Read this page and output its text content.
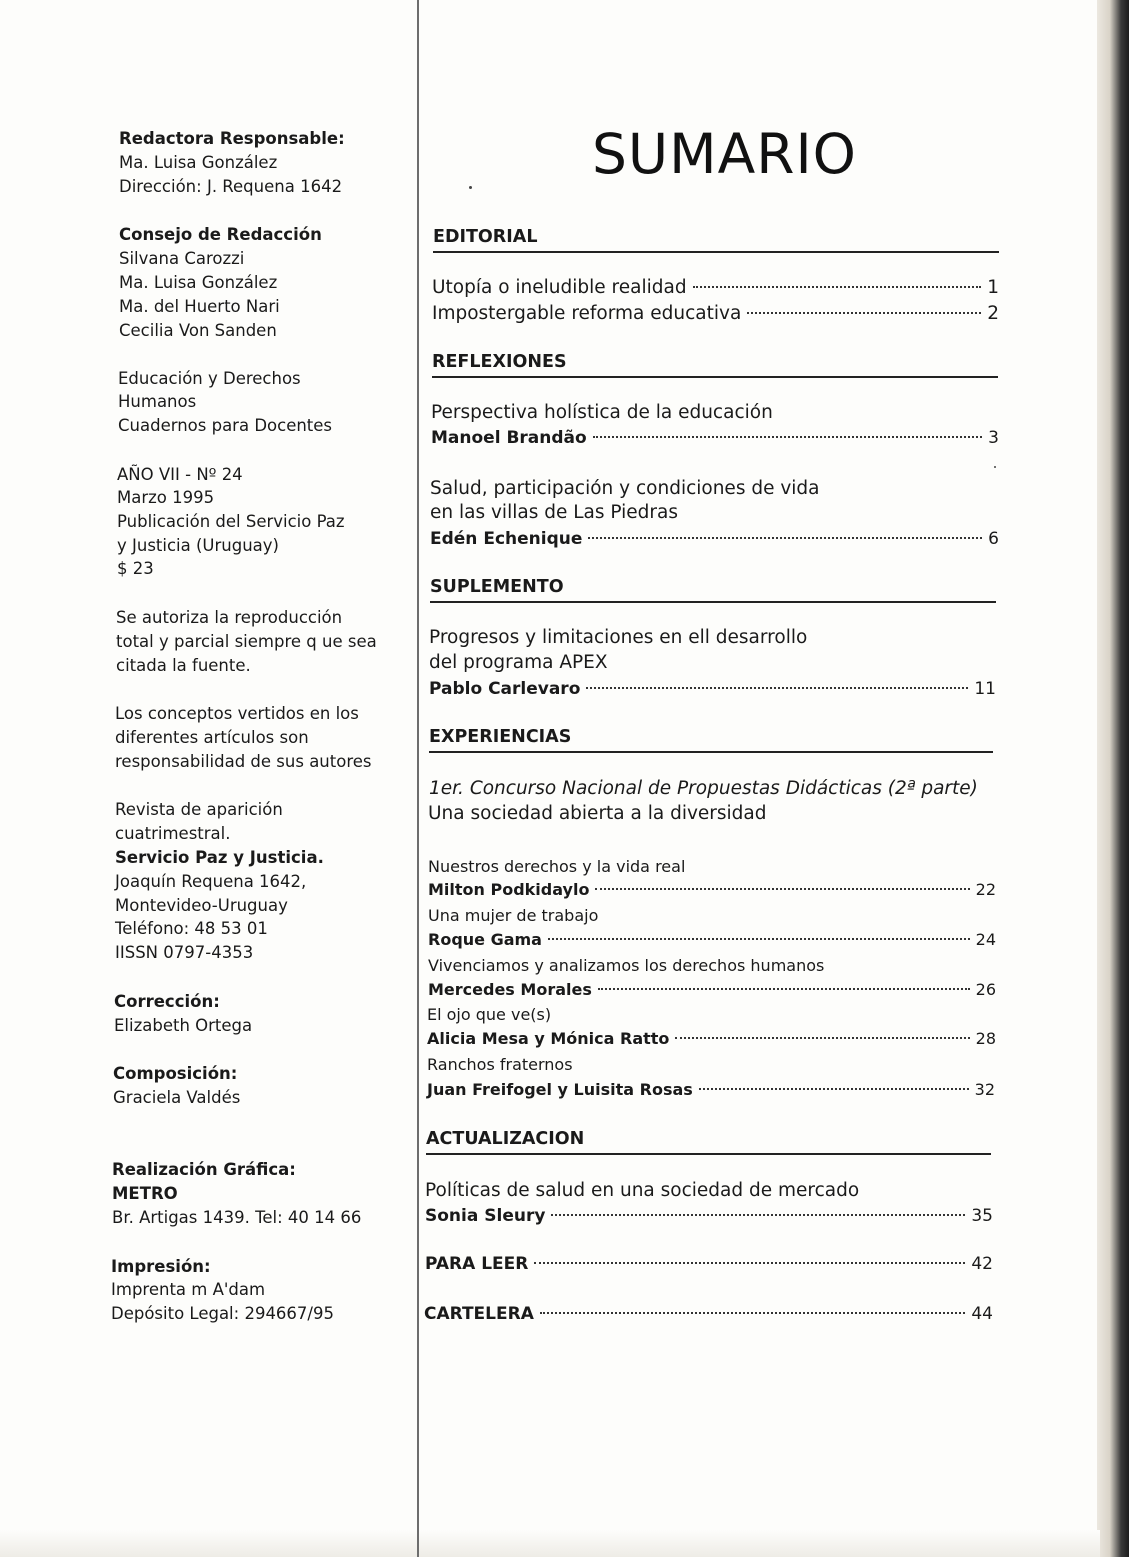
Redactora Responsable:
Ma. Luisa González
Dirección: J. Requena 1642
Consejo de Redacción
Silvana Carozzi
Ma. Luisa González
Ma. del Huerto Nari
Cecilia Von Sanden
Educación y Derechos
Humanos
Cuadernos para Docentes
AÑO VII - Nº 24
Marzo 1995
Publicación del Servicio Paz
y Justicia (Uruguay)
$ 23
Se autoriza la reproducción
total y parcial siempre q ue sea
citada la fuente.
Los conceptos vertidos en los
diferentes artículos son
responsabilidad de sus autores
Revista de aparición
cuatrimestral.
Servicio Paz y Justicia.
Joaquín Requena 1642,
Montevideo-Uruguay
Teléfono: 48 53 01
IISSN 0797-4353
Corrección:
Elizabeth Ortega
Composición:
Graciela Valdés
Realización Gráfica:
METRO
Br. Artigas 1439. Tel: 40 14 66
Impresión:
Imprenta m A'dam
Depósito Legal: 294667/95
SUMARIO
EDITORIAL
Utopía o ineludible realidad	1
Impostergable reforma educativa	2
REFLEXIONES
Perspectiva holística de la educación
Manoel Brandão	3
Salud, participación y condiciones de vida
en las villas de Las Piedras
Edén Echenique	6
SUPLEMENTO
Progresos y limitaciones en ell desarrollo
del programa APEX
Pablo Carlevaro	11
EXPERIENCIAS
1er. Concurso Nacional de Propuestas Didácticas (2ª parte)
Una sociedad abierta a la diversidad
Nuestros derechos y la vida real
Milton Podkidaylo	22
Una mujer de trabajo
Roque Gama	24
Vivenciamos y analizamos los derechos humanos
Mercedes Morales	26
El ojo que ve(s)
Alicia Mesa y Mónica Ratto	28
Ranchos fraternos
Juan Freifogel y Luisita Rosas	32
ACTUALIZACION
Políticas de salud en una sociedad de mercado
Sonia Sleury	35
PARA LEER	42
CARTELERA	44
